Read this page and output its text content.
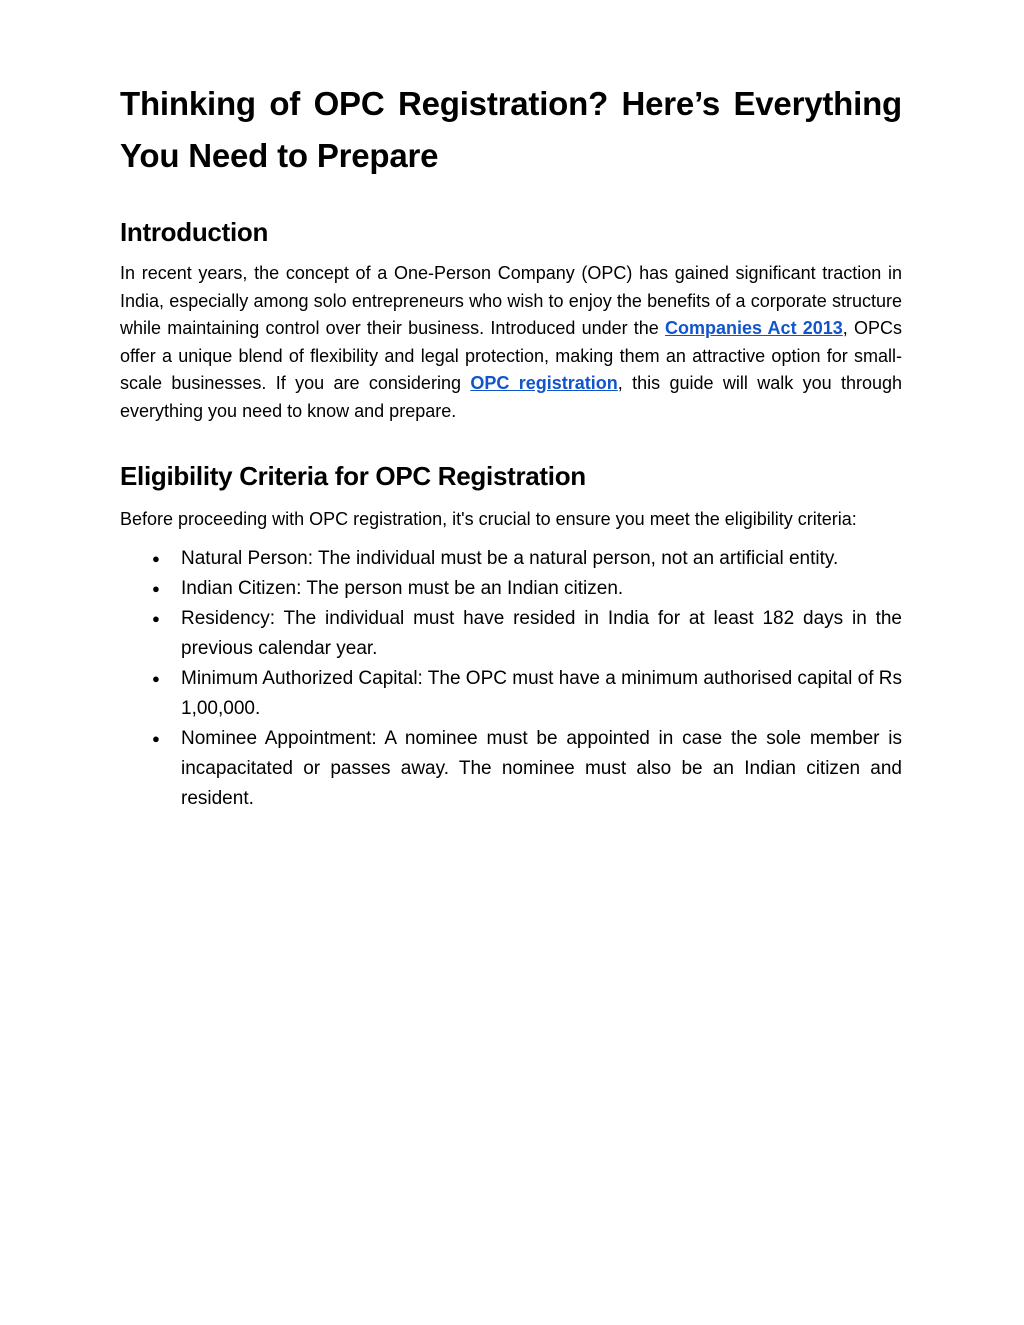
Thinking of OPC Registration? Here’s Everything You Need to Prepare
Introduction

In recent years, the concept of a One-Person Company (OPC) has gained significant traction in India, especially among solo entrepreneurs who wish to enjoy the benefits of a corporate structure while maintaining control over their business. Introduced under the Companies Act 2013, OPCs offer a unique blend of flexibility and legal protection, making them an attractive option for small-scale businesses. If you are considering OPC registration, this guide will walk you through everything you need to know and prepare.

Eligibility Criteria for OPC Registration

Before proceeding with OPC registration, it's crucial to ensure you meet the eligibility criteria:

● Natural Person: The individual must be a natural person, not an artificial entity.
● Indian Citizen: The person must be an Indian citizen.
● Residency: The individual must have resided in India for at least 182 days in the previous calendar year.
● Minimum Authorized Capital: The OPC must have a minimum authorised capital of Rs 1,00,000.
● Nominee Appointment: A nominee must be appointed in case the sole member is incapacitated or passes away. The nominee must also be an Indian citizen and resident.
